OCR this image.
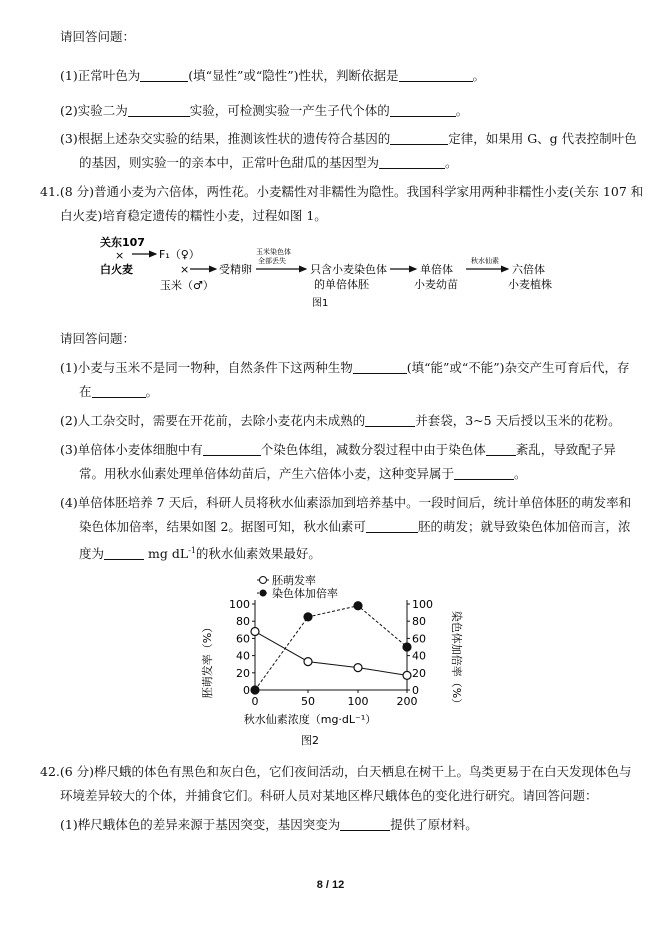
请回答问题：
(1)正常叶色为	(填“显性”或“隐性”)性状，判断依据是	。
(2)实验二为	实验，可检测实验一产生子代个体的	。
(3)根据上述杂交实验的结果，推测该性状的遗传符合基因的	定律，如果用 G、g 代表控制叶色
的基因，则实验一的亲本中，正常叶色甜瓜的基因型为	。
41.(8 分)普通小麦为六倍体，两性花。小麦糯性对非糯性为隐性。我国科学家用两种非糯性小麦(关东 107 和
白火麦)培育稳定遗传的糯性小麦，过程如图 1。
关东107
×	F₁（♀）
白火麦	×	受精卵
玉米（♂）
玉米染色体
全部丢失
只含小麦染色体
的单倍体胚
单倍体
小麦幼苗
秋水仙素
六倍体
小麦植株
图1
请回答问题：
(1)小麦与玉米不是同一物种，自然条件下这两种生物	(填“能”或“不能”)杂交产生可育后代，存
在	。
(2)人工杂交时，需要在开花前，去除小麦花内未成熟的	并套袋，3~5 天后授以玉米的花粉。
(3)单倍体小麦体细胞中有	个染色体组，减数分裂过程中由于染色体 紊乱，导致配子异
常。用秋水仙素处理单倍体幼苗后，产生六倍体小麦，这种变异属于	。
(4)单倍体胚培养 7 天后，科研人员将秋水仙素添加到培养基中。一段时间后，统计单倍体胚的萌发率和
染色体加倍率，结果如图 2。据图可知，秋水仙素可	胚的萌发；就导致染色体加倍而言，浓
度为	mg $dL^{-1}$的秋水仙素效果最好。
胚萌发率
染色体加倍率
胚萌发率（%）	染色体加倍率（%）
秋水仙素浓度（mg·dL⁻¹）
图2
0	0
20	20
40	40
60	60
80	80
100	100
0	50	100	200
42.(6 分)桦尺蛾的体色有黑色和灰白色，它们夜间活动，白天栖息在树干上。鸟类更易于在白天发现体色与
环境差异较大的个体，并捕食它们。科研人员对某地区桦尺蛾体色的变化进行研究。请回答问题：
(1)桦尺蛾体色的差异来源于基因突变，基因突变为	提供了原材料。
8 / 12
